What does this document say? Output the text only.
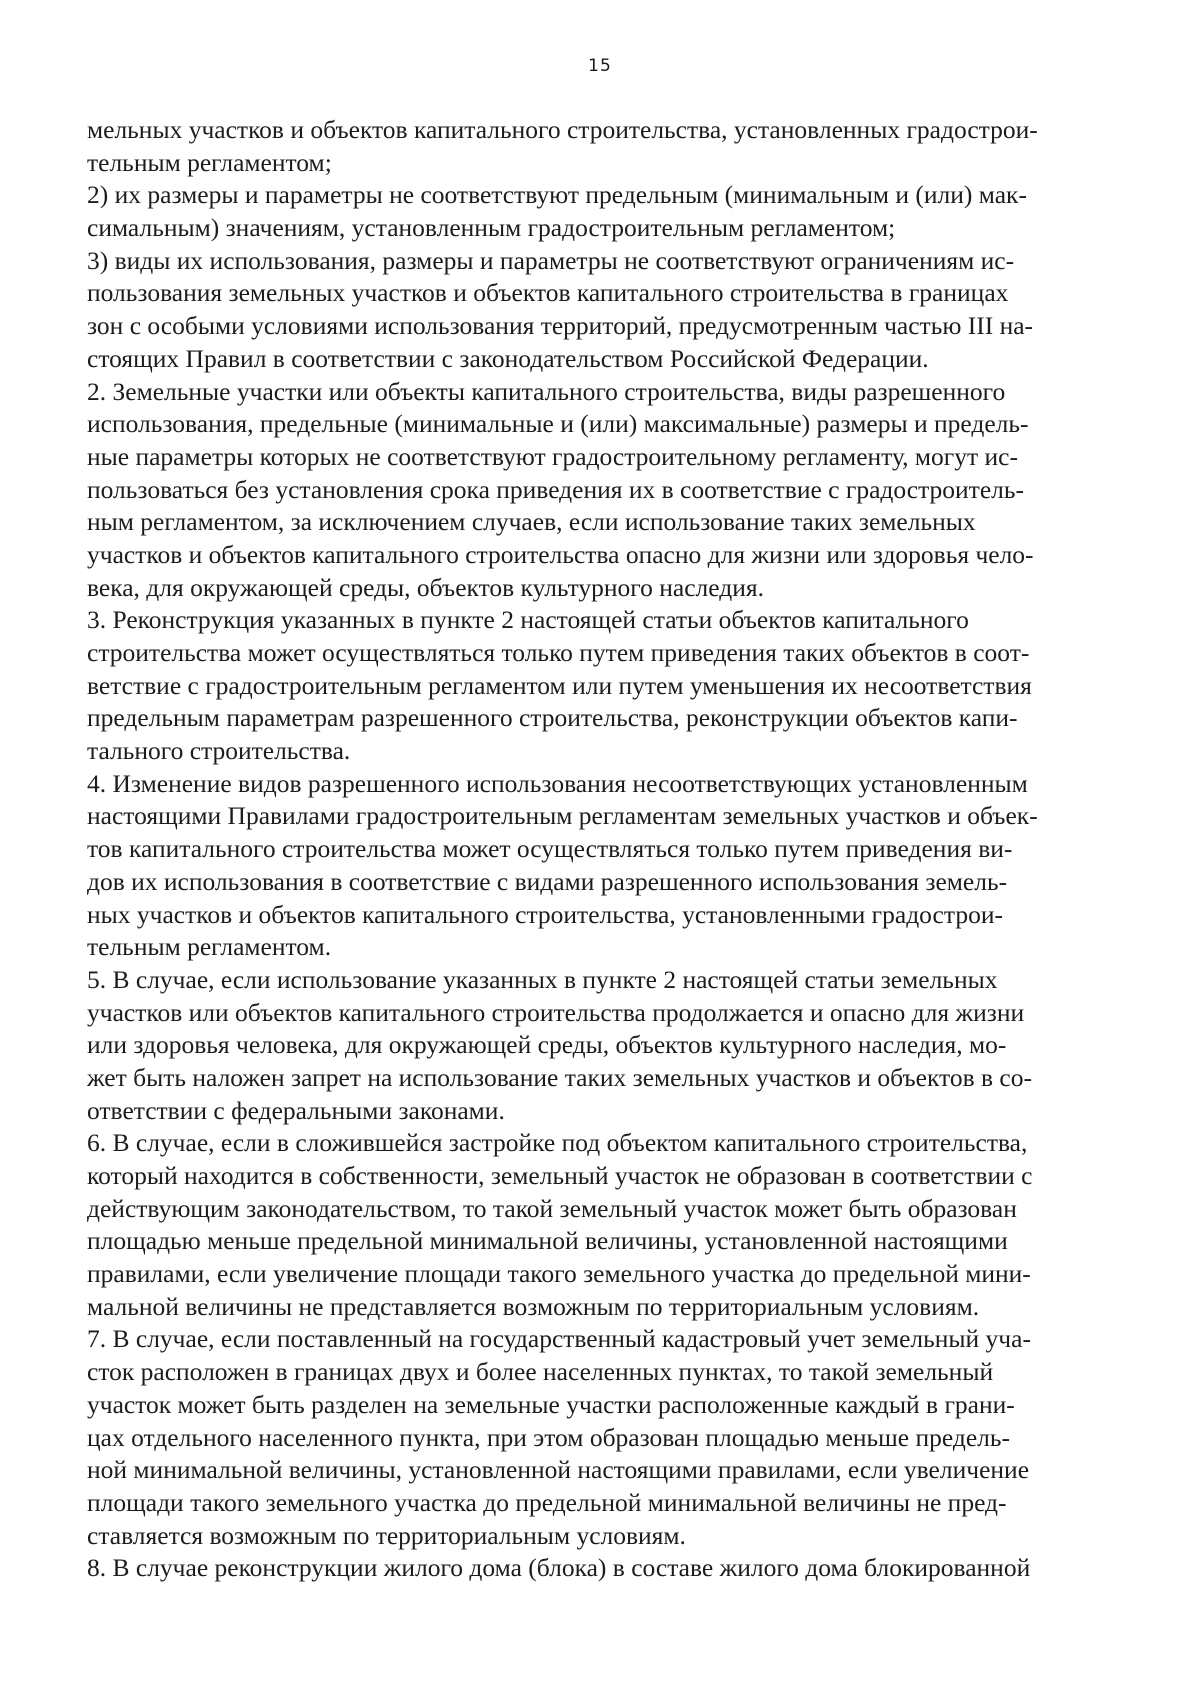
15
мельных участков и объектов капитального строительства, установленных градострои-
тельным регламентом;
2) их размеры и параметры не соответствуют предельным (минимальным и (или) мак-
симальным) значениям, установленным градостроительным регламентом;
3) виды их использования, размеры и параметры не соответствуют ограничениям ис-
пользования земельных участков и объектов капитального строительства в границах
зон с особыми условиями использования территорий, предусмотренным частью III на-
стоящих Правил в соответствии с законодательством Российской Федерации.
2. Земельные участки или объекты капитального строительства, виды разрешенного
использования, предельные (минимальные и (или) максимальные) размеры и предель-
ные параметры которых не соответствуют градостроительному регламенту, могут ис-
пользоваться без установления срока приведения их в соответствие с градостроитель-
ным регламентом, за исключением случаев, если использование таких земельных
участков и объектов капитального строительства опасно для жизни или здоровья чело-
века, для окружающей среды, объектов культурного наследия.
3. Реконструкция указанных в пункте 2 настоящей статьи объектов капитального
строительства может осуществляться только путем приведения таких объектов в соот-
ветствие с градостроительным регламентом или путем уменьшения их несоответствия
предельным параметрам разрешенного строительства, реконструкции объектов капи-
тального строительства.
4. Изменение видов разрешенного использования несоответствующих установленным
настоящими Правилами градостроительным регламентам земельных участков и объек-
тов капитального строительства может осуществляться только путем приведения ви-
дов их использования в соответствие с видами разрешенного использования земель-
ных участков и объектов капитального строительства, установленными градострои-
тельным регламентом.
5. В случае, если использование указанных в пункте 2 настоящей статьи земельных
участков или объектов капитального строительства продолжается и опасно для жизни
или здоровья человека, для окружающей среды, объектов культурного наследия, мо-
жет быть наложен запрет на использование таких земельных участков и объектов в со-
ответствии с федеральными законами.
6. В случае, если в сложившейся застройке под объектом капитального строительства,
который находится в собственности, земельный участок не образован в соответствии с
действующим законодательством, то такой земельный участок может быть образован
площадью меньше предельной минимальной величины, установленной настоящими
правилами, если увеличение площади такого земельного участка до предельной мини-
мальной величины не представляется возможным по территориальным условиям.
7. В случае, если поставленный на государственный кадастровый учет земельный уча-
сток расположен в границах двух и более населенных пунктах, то такой земельный
участок может быть разделен на земельные участки расположенные каждый в грани-
цах отдельного населенного пункта, при этом образован площадью меньше предель-
ной минимальной величины, установленной настоящими правилами, если увеличение
площади такого земельного участка до предельной минимальной величины не пред-
ставляется возможным по территориальным условиям.
8. В случае реконструкции жилого дома (блока) в составе жилого дома блокированной
